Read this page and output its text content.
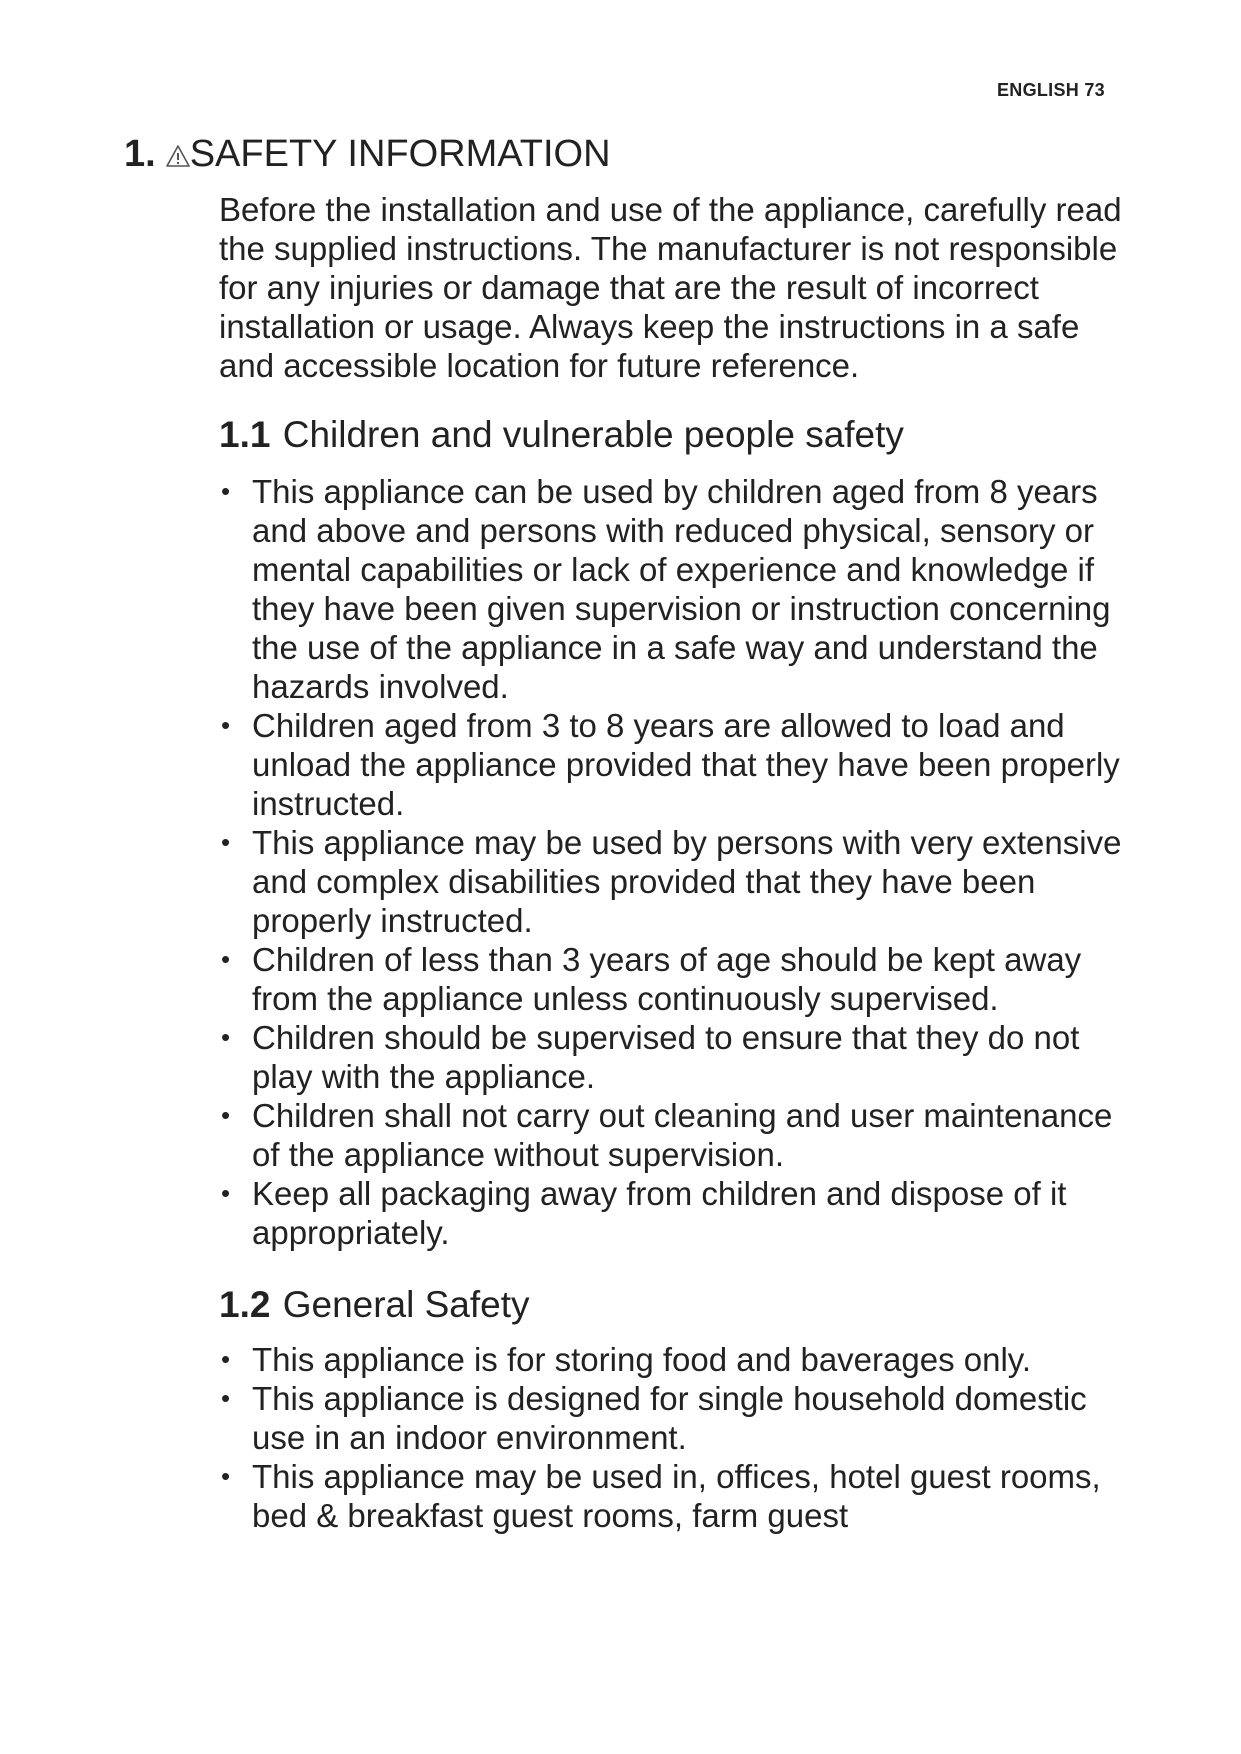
ENGLISH 73
1. SAFETY INFORMATION

Before the installation and use of the appliance, carefully read the supplied instructions. The manufacturer is not responsible for any injuries or damage that are the result of incorrect installation or usage. Always keep the instructions in a safe and accessible location for future reference.

1.1 Children and vulnerable people safety
• This appliance can be used by children aged from 8 years and above and persons with reduced physical, sensory or mental capabilities or lack of experience and knowledge if they have been given supervision or instruction concerning the use of the appliance in a safe way and understand the hazards involved.
• Children aged from 3 to 8 years are allowed to load and unload the appliance provided that they have been properly instructed.
• This appliance may be used by persons with very extensive and complex disabilities provided that they have been properly instructed.
• Children of less than 3 years of age should be kept away from the appliance unless continuously supervised.
• Children should be supervised to ensure that they do not play with the appliance.
• Children shall not carry out cleaning and user maintenance of the appliance without supervision.
• Keep all packaging away from children and dispose of it appropriately.
1.2 General Safety
• This appliance is for storing food and baverages only.
• This appliance is designed for single household domestic use in an indoor environment.
• This appliance may be used in, offices, hotel guest rooms, bed & breakfast guest rooms, farm guest
